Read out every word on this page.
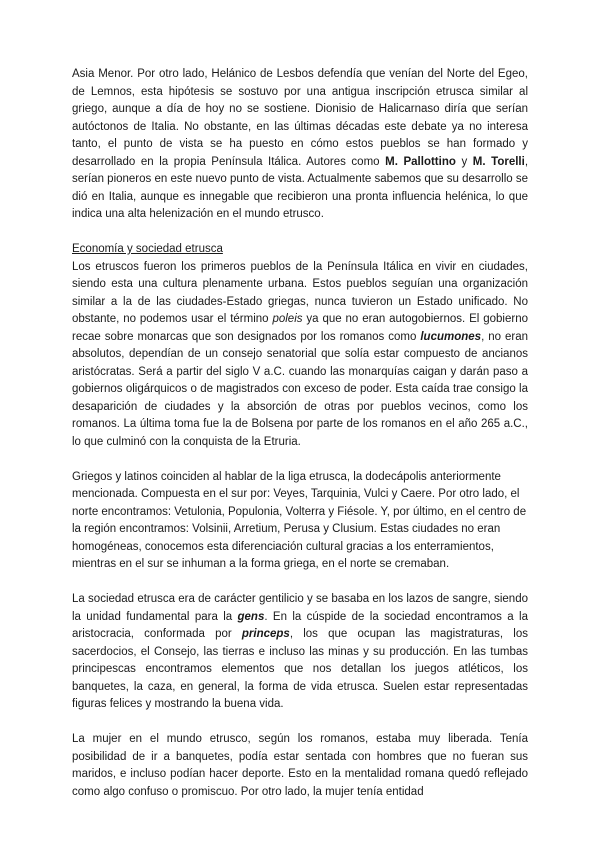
Asia Menor. Por otro lado, Helánico de Lesbos defendía que venían del Norte del Egeo, de Lemnos, esta hipótesis se sostuvo por una antigua inscripción etrusca similar al griego, aunque a día de hoy no se sostiene. Dionisio de Halicarnaso diría que serían autóctonos de Italia. No obstante, en las últimas décadas este debate ya no interesa tanto, el punto de vista se ha puesto en cómo estos pueblos se han formado y desarrollado en la propia Península Itálica. Autores como M. Pallottino y M. Torelli, serían pioneros en este nuevo punto de vista. Actualmente sabemos que su desarrollo se dió en Italia, aunque es innegable que recibieron una pronta influencia helénica, lo que indica una alta helenización en el mundo etrusco.

Economía y sociedad etrusca

Los etruscos fueron los primeros pueblos de la Península Itálica en vivir en ciudades, siendo esta una cultura plenamente urbana. Estos pueblos seguían una organización similar a la de las ciudades-Estado griegas, nunca tuvieron un Estado unificado. No obstante, no podemos usar el término poleis ya que no eran autogobiernos. El gobierno recae sobre monarcas que son designados por los romanos como lucumones, no eran absolutos, dependían de un consejo senatorial que solía estar compuesto de ancianos aristócratas. Será a partir del siglo V a.C. cuando las monarquías caigan y darán paso a gobiernos oligárquicos o de magistrados con exceso de poder. Esta caída trae consigo la desaparición de ciudades y la absorción de otras por pueblos vecinos, como los romanos. La última toma fue la de Bolsena por parte de los romanos en el año 265 a.C., lo que culminó con la conquista de la Etruria.

Griegos y latinos coinciden al hablar de la liga etrusca, la dodecápolis anteriormente mencionada. Compuesta en el sur por: Veyes, Tarquinia, Vulci y Caere. Por otro lado, el norte encontramos: Vetulonia, Populonia, Volterra y Fiésole. Y, por último, en el centro de la región encontramos: Volsinii, Arretium, Perusa y Clusium. Estas ciudades no eran homogéneas, conocemos esta diferenciación cultural gracias a los enterramientos, mientras en el sur se inhuman a la forma griega, en el norte se cremaban.

La sociedad etrusca era de carácter gentilicio y se basaba en los lazos de sangre, siendo la unidad fundamental para la gens. En la cúspide de la sociedad encontramos a la aristocracia, conformada por princeps, los que ocupan las magistraturas, los sacerdocios, el Consejo, las tierras e incluso las minas y su producción. En las tumbas principescas encontramos elementos que nos detallan los juegos atléticos, los banquetes, la caza, en general, la forma de vida etrusca. Suelen estar representadas figuras felices y mostrando la buena vida.

La mujer en el mundo etrusco, según los romanos, estaba muy liberada. Tenía posibilidad de ir a banquetes, podía estar sentada con hombres que no fueran sus maridos, e incluso podían hacer deporte. Esto en la mentalidad romana quedó reflejado como algo confuso o promiscuo. Por otro lado, la mujer tenía entidad
